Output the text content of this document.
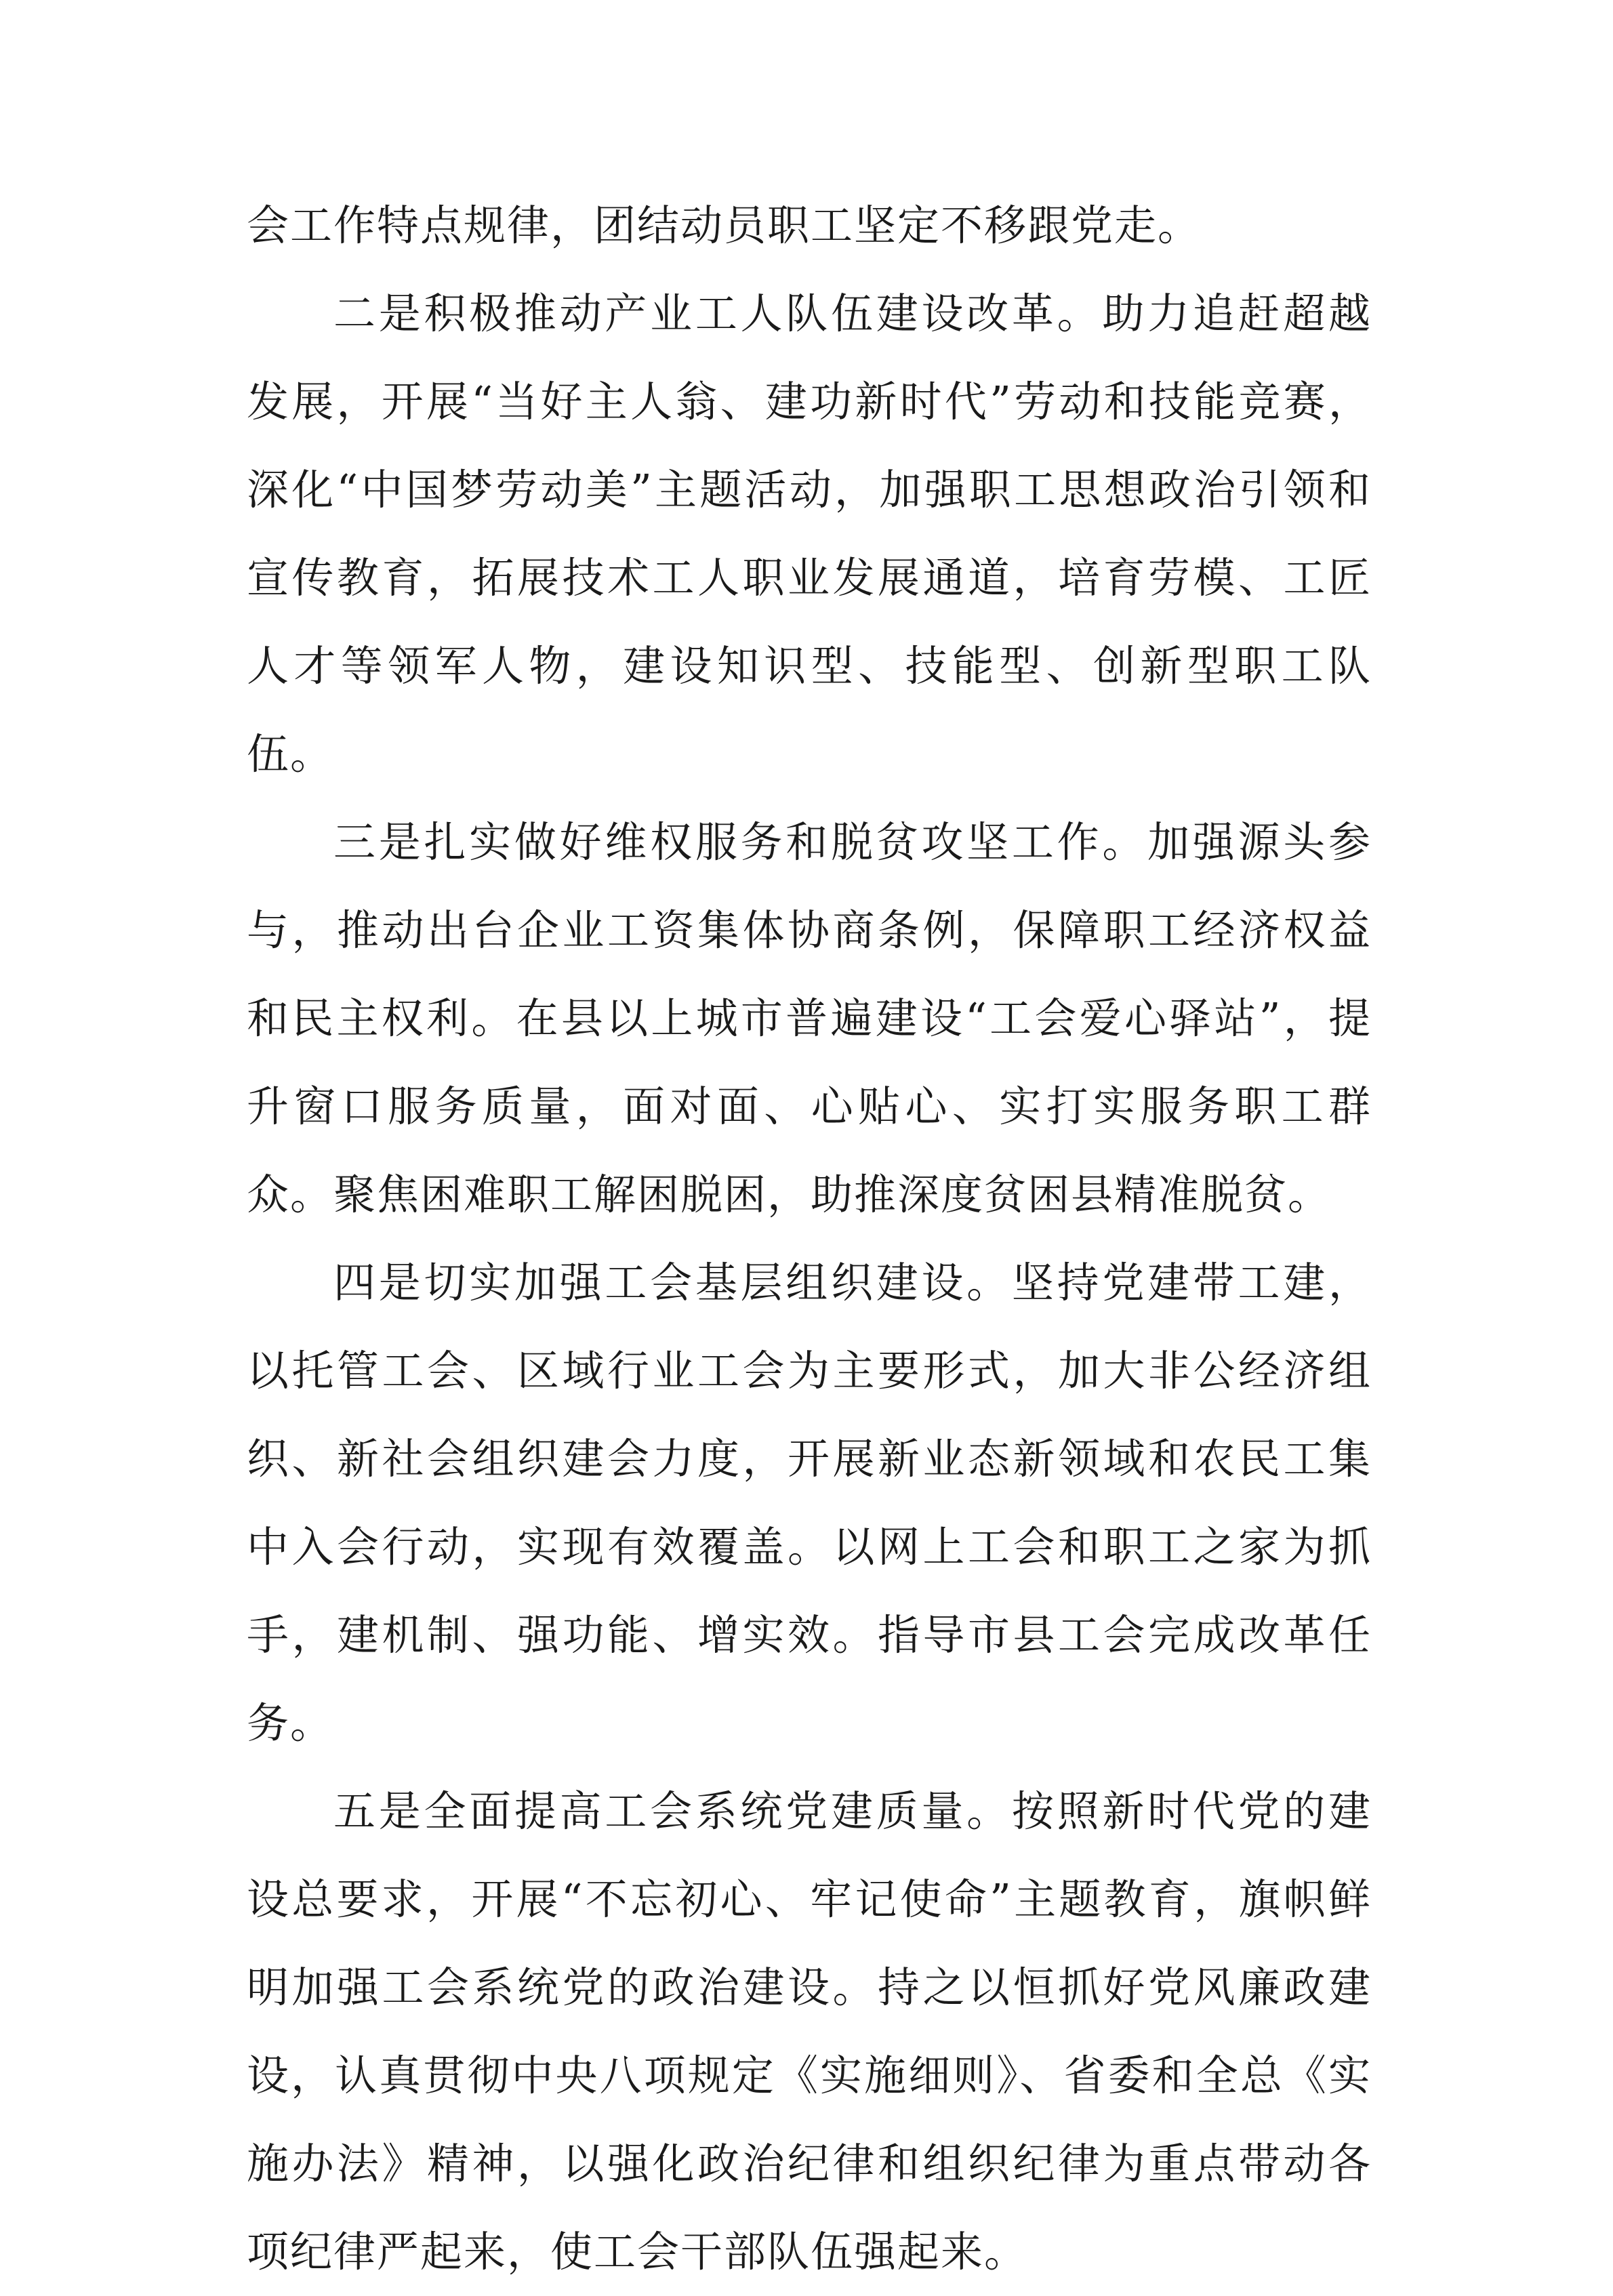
会工作特点规律，团结动员职工坚定不移跟党走。

二是积极推动产业工人队伍建设改革。助力追赶超越发展，开展“当好主人翁、建功新时代”劳动和技能竞赛，深化“中国梦劳动美”主题活动，加强职工思想政治引领和宣传教育，拓展技术工人职业发展通道，培育劳模、工匠人才等领军人物，建设知识型、技能型、创新型职工队伍。

三是扎实做好维权服务和脱贫攻坚工作。加强源头参与，推动出台企业工资集体协商条例，保障职工经济权益和民主权利。在县以上城市普遍建设“工会爱心驿站”，提升窗口服务质量，面对面、心贴心、实打实服务职工群众。聚焦困难职工解困脱困，助推深度贫困县精准脱贫。

四是切实加强工会基层组织建设。坚持党建带工建，以托管工会、区域行业工会为主要形式，加大非公经济组织、新社会组织建会力度，开展新业态新领域和农民工集中入会行动，实现有效覆盖。以网上工会和职工之家为抓手，建机制、强功能、增实效。指导市县工会完成改革任务。

五是全面提高工会系统党建质量。按照新时代党的建设总要求，开展“不忘初心、牢记使命”主题教育，旗帜鲜明加强工会系统党的政治建设。持之以恒抓好党风廉政建设，认真贯彻中央八项规定《实施细则》、省委和全总《实施办法》精神，以强化政治纪律和组织纪律为重点带动各项纪律严起来，使工会干部队伍强起来。
